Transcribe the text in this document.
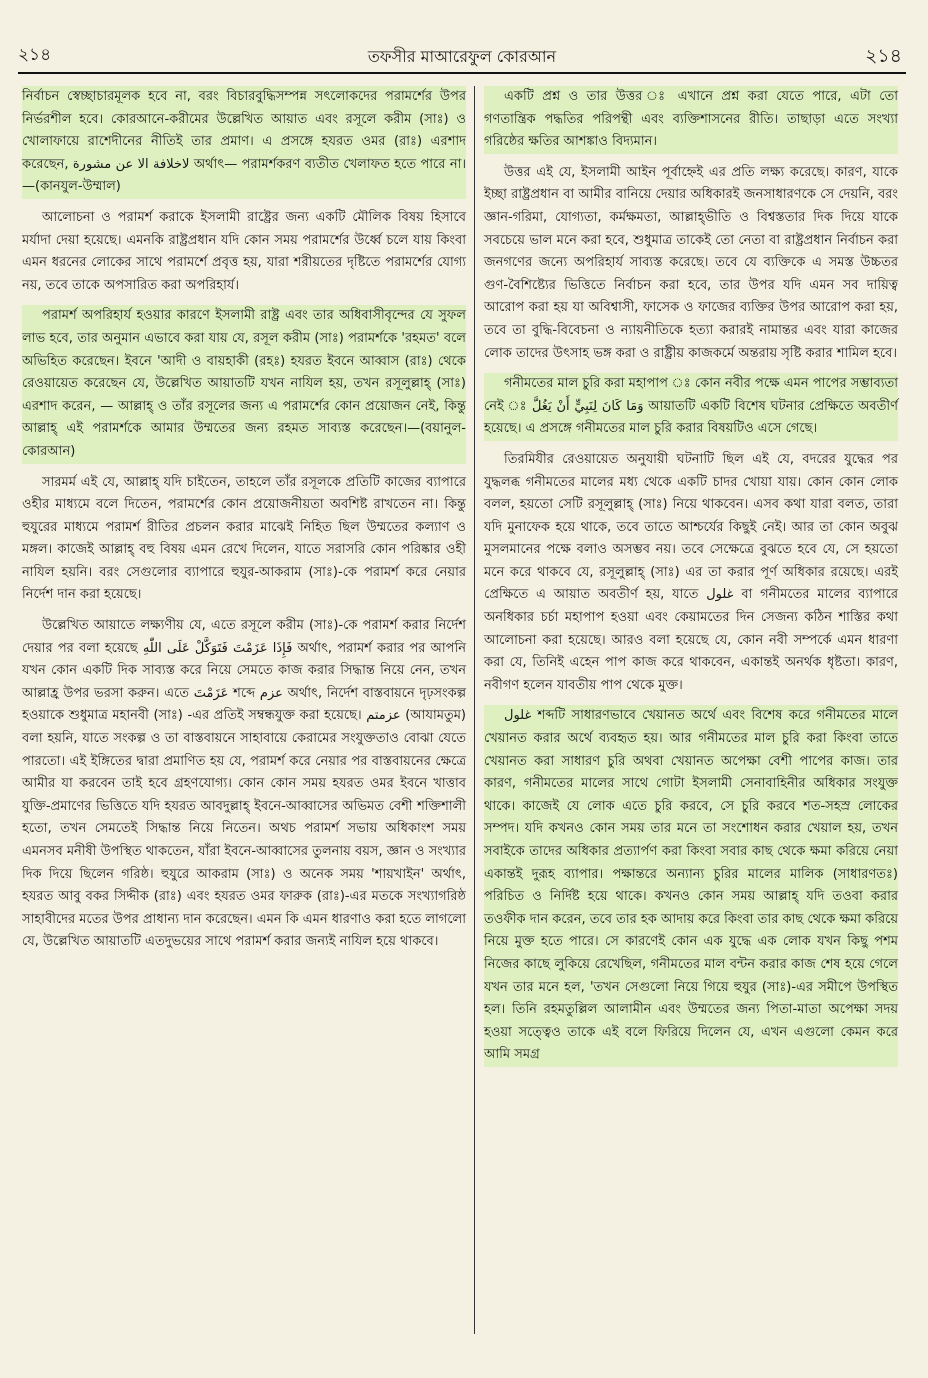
২১৪	তফসীর মাআরেফুল কোরআন	২১৪

নির্বাচন স্বেচ্ছাচারমূলক হবে না, বরং বিচারবুদ্ধিসম্পন্ন সৎলোকদের পরামর্শের উপর নির্ভরশীল হবে। কোরআনে-করীমের উল্লেখিত আয়াত এবং রসূলে করীম (সাঃ) ও খোলাফায়ে রাশেদীনের নীতিই তার প্রমাণ। এ প্রসঙ্গে হযরত ওমর (রাঃ) এরশাদ করেছেন, لاخلافة الا عن مشورة অর্থাৎ— পরামর্শকরণ ব্যতীত খেলাফত হতে পারে না।—(কানযুল-উম্মাল)

আলোচনা ও পরামর্শ করাকে ইসলামী রাষ্ট্রের জন্য একটি মৌলিক বিষয় হিসাবে মর্যাদা দেয়া হয়েছে। এমনকি রাষ্ট্রপ্রধান যদি কোন সময় পরামর্শের উর্ধ্বে চলে যায় কিংবা এমন ধরনের লোকের সাথে পরামর্শে প্রবৃত্ত হয়, যারা শরীয়তের দৃষ্টিতে পরামর্শের যোগ্য নয়, তবে তাকে অপসারিত করা অপরিহার্য।

পরামর্শ অপরিহার্য হওয়ার কারণে ইসলামী রাষ্ট্র এবং তার অধিবাসীবৃন্দের যে সুফল লাভ হবে, তার অনুমান এভাবে করা যায় যে, রসূল করীম (সাঃ) পরামর্শকে 'রহমত' বলে অভিহিত করেছেন। ইবনে 'আদী ও বায়হাকী (রহঃ) হযরত ইবনে আব্বাস (রাঃ) থেকে রেওয়ায়েত করেছেন যে, উল্লেখিত আয়াতটি যখন নাযিল হয়, তখন রসূলুল্লাহ্ (সাঃ) এরশাদ করেন, — আল্লাহ্ ও তাঁর রসূলের জন্য এ পরামর্শের কোন প্রয়োজন নেই, কিন্তু আল্লাহ্ এই পরামর্শকে আমার উম্মতের জন্য রহমত সাব্যস্ত করেছেন।—(বয়ানুল-কোরআন)

সারমর্ম এই যে, আল্লাহ্ যদি চাইতেন, তাহলে তাঁর রসূলকে প্রতিটি কাজের ব্যাপারে ওহীর মাধ্যমে বলে দিতেন, পরামর্শের কোন প্রয়োজনীয়তা অবশিষ্ট রাখতেন না। কিন্তু হুযুরের মাধ্যমে পরামর্শ রীতির প্রচলন করার মাঝেই নিহিত ছিল উম্মতের কল্যাণ ও মঙ্গল। কাজেই আল্লাহ্ বহু বিষয় এমন রেখে দিলেন, যাতে সরাসরি কোন পরিষ্কার ওহী নাযিল হয়নি। বরং সেগুলোর ব্যাপারে হুযুর-আকরাম (সাঃ)-কে পরামর্শ করে নেয়ার নির্দেশ দান করা হয়েছে।

উল্লেখিত আয়াতে লক্ষ্যণীয় যে, এতে রসূলে করীম (সাঃ)-কে পরামর্শ করার নির্দেশ দেয়ার পর বলা হয়েছে فَإِذَا عَزَمْتَ فَتَوَكَّلْ عَلَى اللّٰهِ অর্থাৎ, পরামর্শ করার পর আপনি যখন কোন একটি দিক সাব্যস্ত করে নিয়ে সেমতে কাজ করার সিদ্ধান্ত নিয়ে নেন, তখন আল্লাহ্র উপর ভরসা করুন। এতে عَزَمْتَ শব্দে عزم অর্থাৎ, নির্দেশ বাস্তবায়নে দৃঢ়সংকল্প হওয়াকে শুধুমাত্র মহানবী (সাঃ) -এর প্রতিই সম্বন্ধযুক্ত করা হয়েছে। عزمتم (আযামতুম) বলা হয়নি, যাতে সংকল্প ও তা বাস্তবায়নে সাহাবায়ে কেরামের সংযুক্ততাও বোঝা যেতে পারতো। এই ইঙ্গিতের দ্বারা প্রমাণিত হয় যে, পরামর্শ করে নেয়ার পর বাস্তবায়নের ক্ষেত্রে আমীর যা করবেন তাই হবে গ্রহণযোগ্য। কোন কোন সময় হযরত ওমর ইবনে খাত্তাব যুক্তি-প্রমাণের ভিত্তিতে যদি হযরত আবদুল্লাহ্ ইবনে-আব্বাসের অভিমত বেশী শক্তিশালী হতো, তখন সেমতেই সিদ্ধান্ত নিয়ে নিতেন। অথচ পরামর্শ সভায় অধিকাংশ সময় এমনসব মনীষী উপস্থিত থাকতেন, যাঁরা ইবনে-আব্বাসের তুলনায় বয়স, জ্ঞান ও সংখ্যার দিক দিয়ে ছিলেন গরিষ্ঠ। হুযুরে আকরাম (সাঃ) ও অনেক সময় 'শায়খাইন' অর্থাৎ, হযরত আবু বকর সিদ্দীক (রাঃ) এবং হযরত ওমর ফারুক (রাঃ)-এর মতকে সংখ্যাগরিষ্ঠ সাহাবীদের মতের উপর প্রাধান্য দান করেছেন। এমন কি এমন ধারণাও করা হতে লাগলো যে, উল্লেখিত আয়াতটি এতদুভয়ের সাথে পরামর্শ করার জন্যই নাযিল হয়ে থাকবে।

একটি প্রশ্ন ও তার উত্তর ঃ এখানে প্রশ্ন করা যেতে পারে, এটা তো গণতান্ত্রিক পদ্ধতির পরিপন্থী এবং ব্যক্তিশাসনের রীতি। তাছাড়া এতে সংখ্যা গরিষ্ঠের ক্ষতির আশঙ্কাও বিদ্যমান।

উত্তর এই যে, ইসলামী আইন পূর্বাহ্নেই এর প্রতি লক্ষ্য করেছে। কারণ, যাকে ইচ্ছা রাষ্ট্রপ্রধান বা আমীর বানিয়ে দেয়ার অধিকারই জনসাধারণকে সে দেয়নি, বরং জ্ঞান-গরিমা, যোগ্যতা, কর্মক্ষমতা, আল্লাহ্ভীতি ও বিশ্বস্ততার দিক দিয়ে যাকে সবচেয়ে ভাল মনে করা হবে, শুধুমাত্র তাকেই তো নেতা বা রাষ্ট্রপ্রধান নির্বাচন করা জনগণের জন্যে অপরিহার্য সাব্যস্ত করেছে। তবে যে ব্যক্তিকে এ সমস্ত উচ্চতর গুণ-বৈশিষ্ট্যের ভিত্তিতে নির্বাচন করা হবে, তার উপর যদি এমন সব দায়িত্ব আরোপ করা হয় যা অবিশ্বাসী, ফাসেক ও ফাজের ব্যক্তির উপর আরোপ করা হয়, তবে তা বুদ্ধি-বিবেচনা ও ন্যায়নীতিকে হত্যা করারই নামান্তর এবং যারা কাজের লোক তাদের উৎসাহ ভঙ্গ করা ও রাষ্ট্রীয় কাজকর্মে অন্তরায় সৃষ্টি করার শামিল হবে।

গনীমতের মাল চুরি করা মহাপাপ ঃ কোন নবীর পক্ষে এমন পাপের সম্ভাব্যতা নেই ঃ وَمَا كَانَ لِنَبِيٍّ أَنْ يَغُلَّ আয়াতটি একটি বিশেষ ঘটনার প্রেক্ষিতে অবতীর্ণ হয়েছে। এ প্রসঙ্গে গনীমতের মাল চুরি করার বিষয়টিও এসে গেছে।

তিরমিযীর রেওয়ায়েত অনুযায়ী ঘটনাটি ছিল এই যে, বদরের যুদ্ধের পর যুদ্ধলব্ধ গনীমতের মালের মধ্য থেকে একটি চাদর খোয়া যায়। কোন কোন লোক বলল, হয়তো সেটি রসূলুল্লাহ্ (সাঃ) নিয়ে থাকবেন। এসব কথা যারা বলত, তারা যদি মুনাফেক হয়ে থাকে, তবে তাতে আশ্চর্যের কিছুই নেই। আর তা কোন অবুঝ মুসলমানের পক্ষে বলাও অসম্ভব নয়। তবে সেক্ষেত্রে বুঝতে হবে যে, সে হয়তো মনে করে থাকবে যে, রসূলুল্লাহ্ (সাঃ) এর তা করার পূর্ণ অধিকার রয়েছে। এরই প্রেক্ষিতে এ আয়াত অবতীর্ণ হয়, যাতে غلول বা গনীমতের মালের ব্যাপারে অনধিকার চর্চা মহাপাপ হওয়া এবং কেয়ামতের দিন সেজন্য কঠিন শাস্তির কথা আলোচনা করা হয়েছে। আরও বলা হয়েছে যে, কোন নবী সম্পর্কে এমন ধারণা করা যে, তিনিই এহেন পাপ কাজ করে থাকবেন, একান্তই অনর্থক ধৃষ্টতা। কারণ, নবীগণ হলেন যাবতীয় পাপ থেকে মুক্ত।

غلول শব্দটি সাধারণভাবে খেয়ানত অর্থে এবং বিশেষ করে গনীমতের মালে খেয়ানত করার অর্থে ব্যবহৃত হয়। আর গনীমতের মাল চুরি করা কিংবা তাতে খেয়ানত করা সাধারণ চুরি অথবা খেয়ানত অপেক্ষা বেশী পাপের কাজ। তার কারণ, গনীমতের মালের সাথে গোটা ইসলামী সেনাবাহিনীর অধিকার সংযুক্ত থাকে। কাজেই যে লোক এতে চুরি করবে, সে চুরি করবে শত-সহস্র লোকের সম্পদ। যদি কখনও কোন সময় তার মনে তা সংশোধন করার খেয়াল হয়, তখন সবাইকে তাদের অধিকার প্রত্যার্পণ করা কিংবা সবার কাছ থেকে ক্ষমা করিয়ে নেয়া একান্তই দুরূহ ব্যাপার। পক্ষান্তরে অন্যান্য চুরির মালের মালিক (সাধারণতঃ) পরিচিত ও নির্দিষ্ট হয়ে থাকে। কখনও কোন সময় আল্লাহ্ যদি তওবা করার তওফীক দান করেন, তবে তার হক আদায় করে কিংবা তার কাছ থেকে ক্ষমা করিয়ে নিয়ে মুক্ত হতে পারে। সে কারণেই কোন এক যুদ্ধে এক লোক যখন কিছু পশম নিজের কাছে লুকিয়ে রেখেছিল, গনীমতের মাল বন্টন করার কাজ শেষ হয়ে গেলে যখন তার মনে হল, 'তখন সেগুলো নিয়ে গিয়ে হুযুর (সাঃ)-এর সমীপে উপস্থিত হল। তিনি রহমতুল্লিল আলামীন এবং উম্মতের জন্য পিতা-মাতা অপেক্ষা সদয় হওয়া সত্ত্বেও তাকে এই বলে ফিরিয়ে দিলেন যে, এখন এগুলো কেমন করে আমি সমগ্র
